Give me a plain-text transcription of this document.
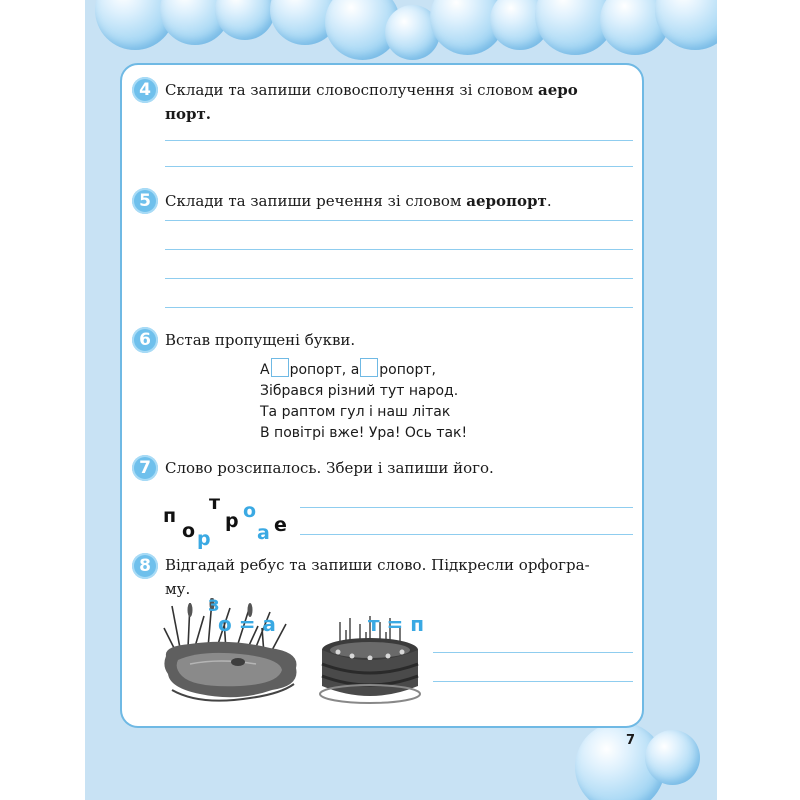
4 Склади та запиши словосполучення зі словом аеро
порт.
5 Склади та запиши речення зі словом аеропорт.
6 Встав пропущені букви.
А ропорт, а ропорт,
Зібрався різний тут народ.
Та раптом гул і наш літак
В повітрі вже! Ура! Ось так!
7 Слово розсипалось. Збери і запиши його.
п
о р
т
р о
а е
8 Відгадай ребус та запиши слово. Підкресли орфогра-
му.
З
о = а	т = п
7
